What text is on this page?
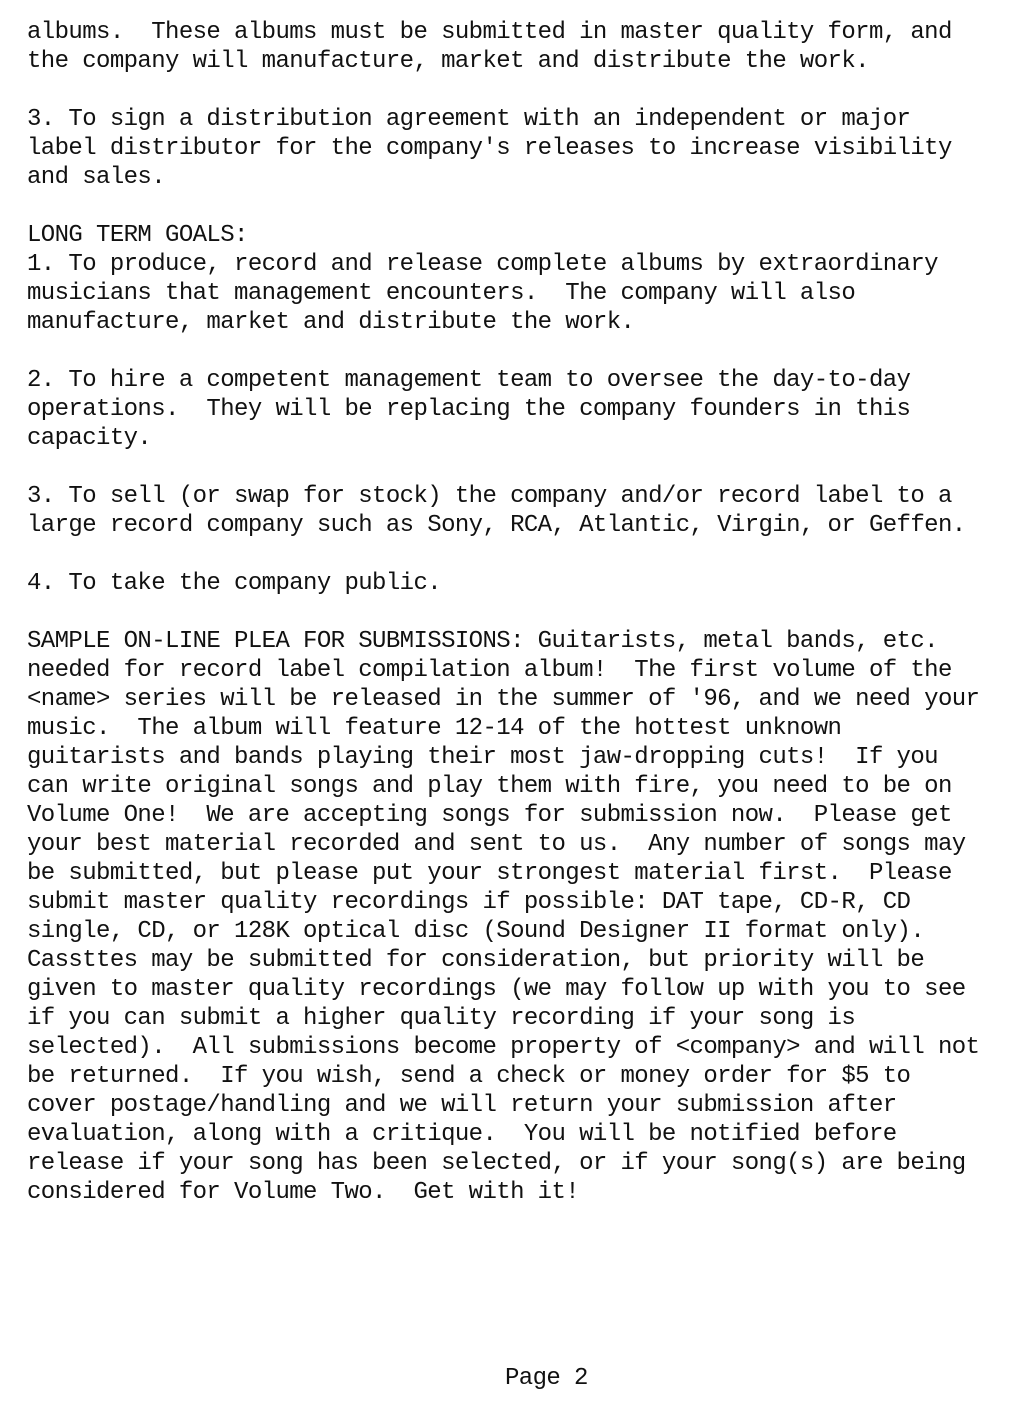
albums.  These albums must be submitted in master quality form, and
the company will manufacture, market and distribute the work.
3. To sign a distribution agreement with an independent or major
label distributor for the company's releases to increase visibility
and sales.
LONG TERM GOALS:
1. To produce, record and release complete albums by extraordinary
musicians that management encounters.  The company will also
manufacture, market and distribute the work.
2. To hire a competent management team to oversee the day-to-day
operations.  They will be replacing the company founders in this
capacity.
3. To sell (or swap for stock) the company and/or record label to a
large record company such as Sony, RCA, Atlantic, Virgin, or Geffen.
4. To take the company public.
SAMPLE ON-LINE PLEA FOR SUBMISSIONS: Guitarists, metal bands, etc.
needed for record label compilation album!  The first volume of the
<name> series will be released in the summer of '96, and we need your
music.  The album will feature 12-14 of the hottest unknown
guitarists and bands playing their most jaw-dropping cuts!  If you
can write original songs and play them with fire, you need to be on
Volume One!  We are accepting songs for submission now.  Please get
your best material recorded and sent to us.  Any number of songs may
be submitted, but please put your strongest material first.  Please
submit master quality recordings if possible: DAT tape, CD-R, CD
single, CD, or 128K optical disc (Sound Designer II format only).
Cassttes may be submitted for consideration, but priority will be
given to master quality recordings (we may follow up with you to see
if you can submit a higher quality recording if your song is
selected).  All submissions become property of <company> and will not
be returned.  If you wish, send a check or money order for $5 to
cover postage/handling and we will return your submission after
evaluation, along with a critique.  You will be notified before
release if your song has been selected, or if your song(s) are being
considered for Volume Two.  Get with it!
Page 2
